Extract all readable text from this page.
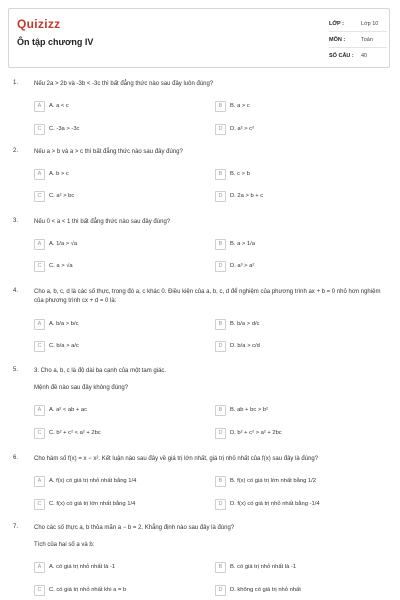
Quizizz
Ôn tập chương IV
LỚP :	Lớp 10
MÔN :	Toán
SỐ CÂU :	40
1.	Nếu 2a > 2b và -3b < -3c thì bất đẳng thức nào sau đây luôn đúng?
A	A. a < c	B	B. a > c
C	C. -3a > -3c	D	D. a² > c²
2.	Nếu a > b và a > c thì bất đẳng thức nào sau đây đúng?
A	A. b > c	B	B. c > b
C	C. a² > bc	D	D. 2a > b + c
3.	Nếu 0 < a < 1 thì bất đẳng thức nào sau đây đúng?
A	A. 1/a > √a	B	B. a > 1/a
C	C. a > √a	D	D. a³ > a²
4.	Cho a, b, c, d là các số thực, trong đó a, c khác 0. Điều kiện của a, b, c, d để nghiệm của phương trình ax + b = 0 nhỏ hơn nghiệm của phương trình cx + d = 0 là:
A	A. b/a > b/c	B	B. b/a > d/c
C	C. b/a > a/c	D	D. b/a > c/d
5.	3. Cho a, b, c là độ dài ba cạnh của một tam giác.
Mệnh đề nào sau đây không đúng?
A	A. a² < ab + ac	B	B. ab + bc > b²
C	C. b² + c² < a² + 2bc	D	D. b² + c² > a² + 2bc
6.	Cho hàm số f(x) = x − x². Kết luận nào sau đây về giá trị lớn nhất, giá trị nhỏ nhất của f(x) sau đây là đúng?
A	A. f(x) có giá trị nhỏ nhất bằng 1/4	B	B. f(x) có giá trị lớn nhất bằng 1/2
C	C. f(x) có giá trị lớn nhất bằng 1/4	D	D. f(x) có giá trị nhỏ nhất bằng -1/4
7.	Cho các số thực a, b thỏa mãn a − b = 2. Khẳng định nào sau đây là đúng?
Tích của hai số a và b:
A	A. có giá trị nhỏ nhất là -1	B	B. có giá trị nhỏ nhất là -1
C	C. có giá trị nhỏ nhất khi a = b	D	D. không có giá trị nhỏ nhất
